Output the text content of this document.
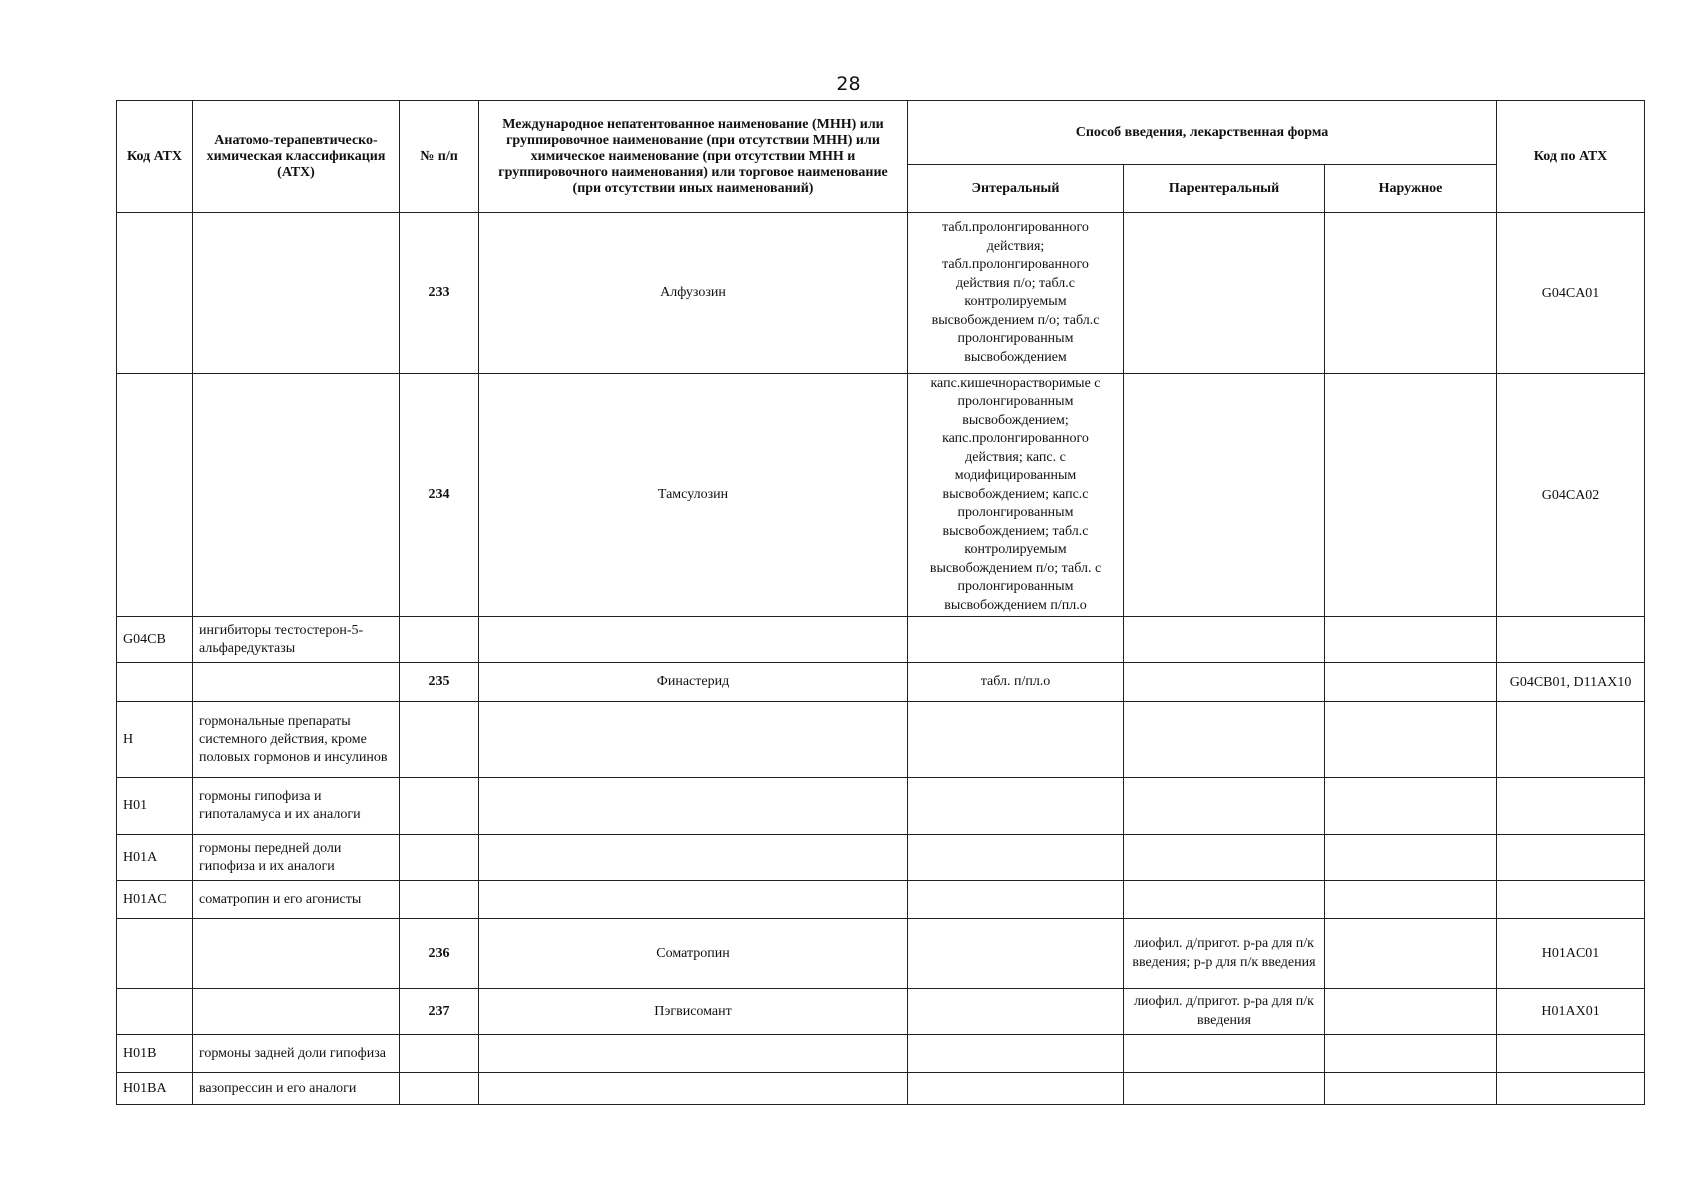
28
Код АТХ	Анатомо-терапевтическо-химическая классификация (АТХ)	№ п/п	Международное непатентованное наименование (МНН) или группировочное наименование (при отсутствии МНН) или химическое наименование (при отсутствии МНН и группировочного наименования) или торговое наименование (при отсутствии иных наименований)	Способ введения, лекарственная форма			Код по АТХ
				Энтеральный	Парентеральный	Наружное	
		233	Алфузозин	табл.пролонгированного действия; табл.пролонгированного действия п/о; табл.с контролируемым высвобождением п/о; табл.с пролонгированным высвобождением			G04CA01
		234	Тамсулозин	капс.кишечнорастворимые с пролонгированным высвобождением; капс.пролонгированного действия; капс. с модифицированным высвобождением; капс.с пролонгированным высвобождением; табл.с контролируемым высвобождением п/о; табл. с пролонгированным высвобождением п/пл.о			G04CA02
G04CB	ингибиторы тестостерон-5-альфаредуктазы						
		235	Финастерид	табл. п/пл.о			G04CB01, D11AX10
H	гормональные препараты системного действия, кроме половых гормонов и инсулинов						
H01	гормоны гипофиза и гипоталамуса и их аналоги						
H01A	гормоны передней доли гипофиза и их аналоги						
H01AC	соматропин и его агонисты						
		236	Соматропин		лиофил. д/пригот. р-ра для п/к введения; р-р для п/к введения		H01AC01
		237	Пэгвисомант		лиофил. д/пригот. р-ра для п/к введения		H01AX01
H01B	гормоны задней доли гипофиза						
H01BA	вазопрессин и его аналоги						
